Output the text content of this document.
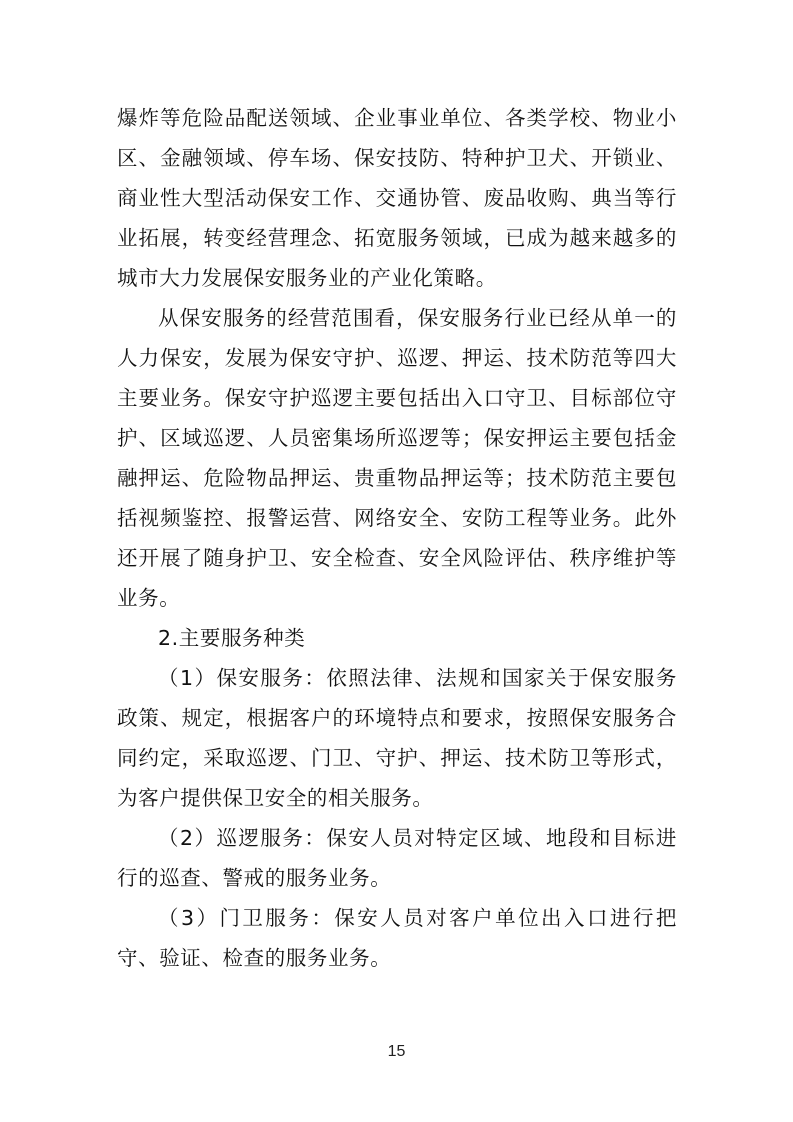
爆炸等危险品配送领域、企业事业单位、各类学校、物业小区、金融领域、停车场、保安技防、特种护卫犬、开锁业、商业性大型活动保安工作、交通协管、废品收购、典当等行业拓展，转变经营理念、拓宽服务领域，已成为越来越多的城市大力发展保安服务业的产业化策略。

从保安服务的经营范围看，保安服务行业已经从单一的人力保安，发展为保安守护、巡逻、押运、技术防范等四大主要业务。保安守护巡逻主要包括出入口守卫、目标部位守护、区域巡逻、人员密集场所巡逻等；保安押运主要包括金融押运、危险物品押运、贵重物品押运等；技术防范主要包括视频鉴控、报警运营、网络安全、安防工程等业务。此外还开展了随身护卫、安全检查、安全风险评估、秩序维护等业务。

2.主要服务种类

（1）保安服务：依照法律、法规和国家关于保安服务政策、规定，根据客户的环境特点和要求，按照保安服务合同约定，采取巡逻、门卫、守护、押运、技术防卫等形式，为客户提供保卫安全的相关服务。

（2）巡逻服务：保安人员对特定区域、地段和目标进行的巡查、警戒的服务业务。

（3）门卫服务：保安人员对客户单位出入口进行把守、验证、检查的服务业务。

15
